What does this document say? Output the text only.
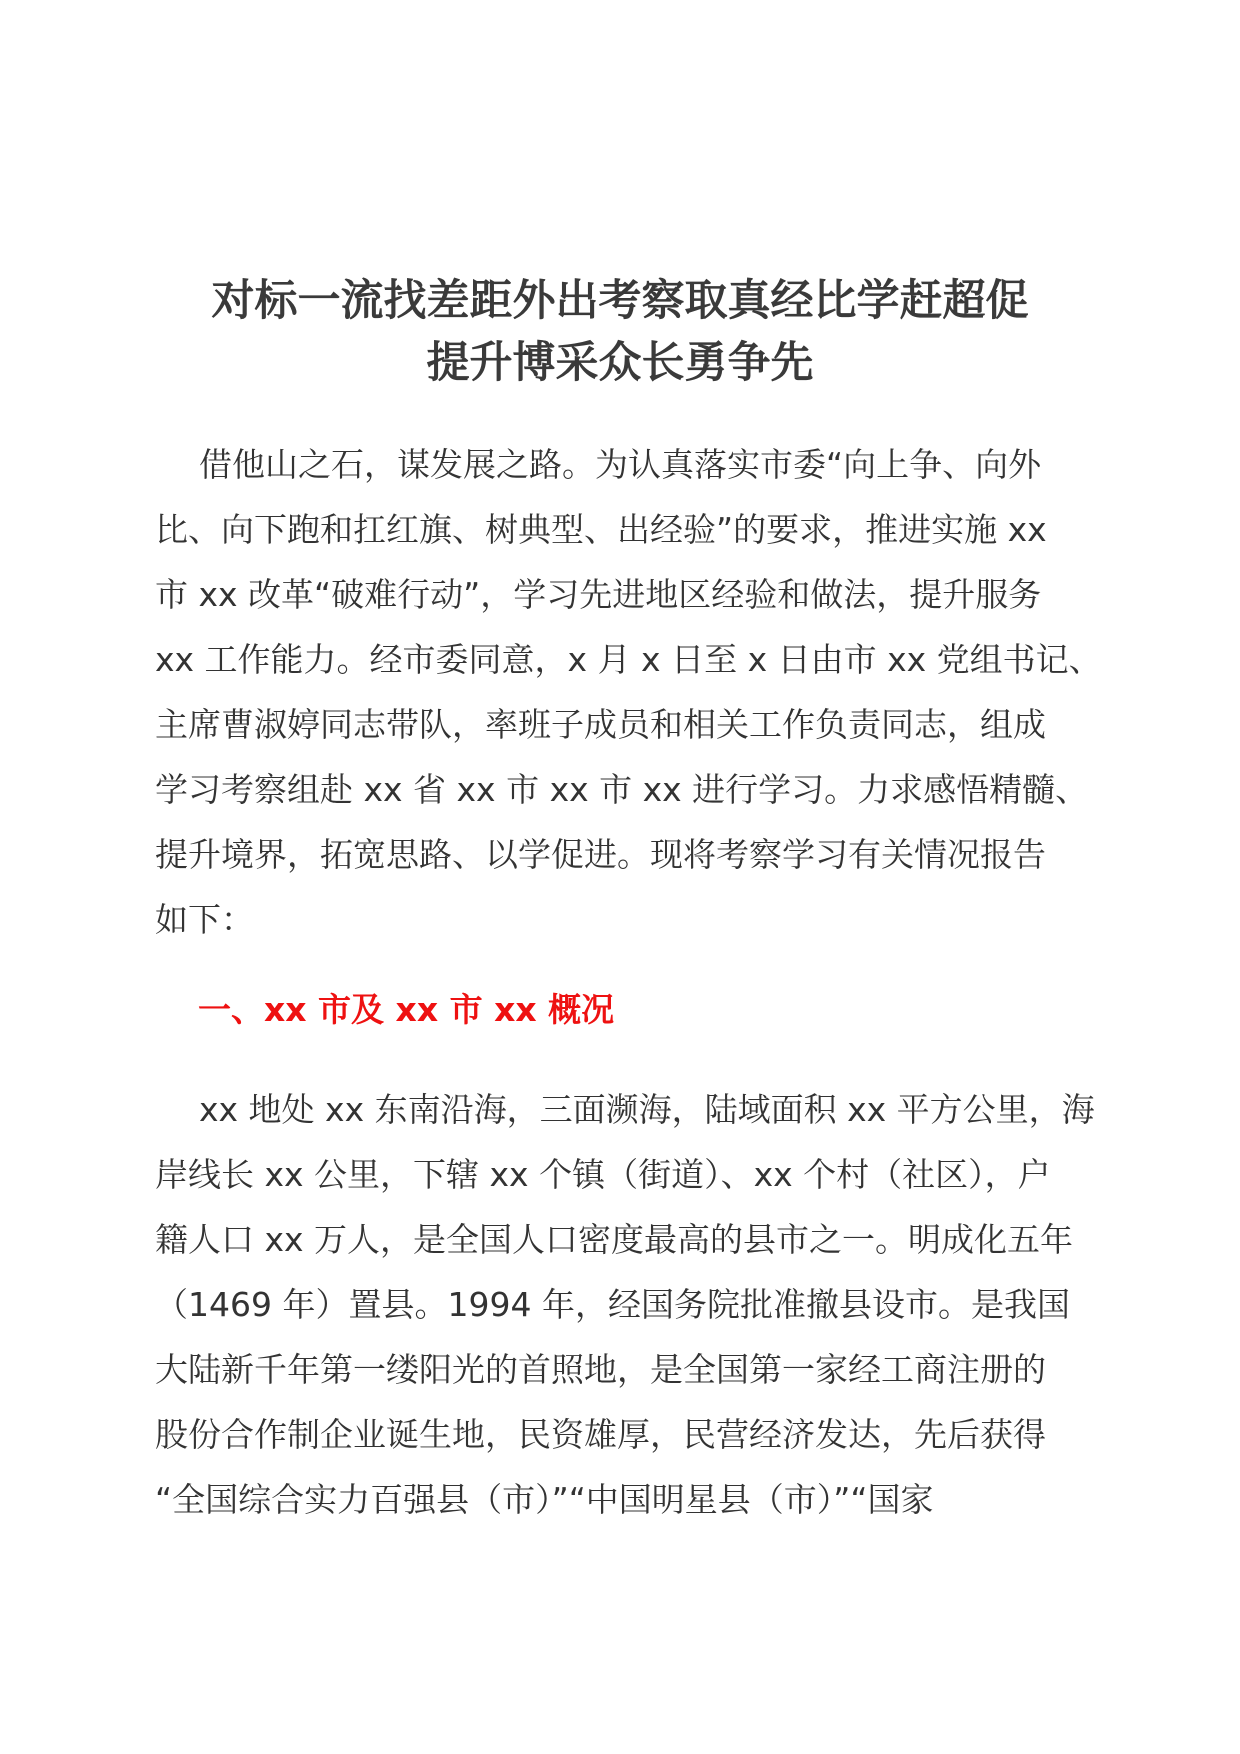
对标一流找差距外出考察取真经比学赶超促
提升博采众长勇争先
借他山之石，谋发展之路。为认真落实市委“向上争、向外
比、向下跑和扛红旗、树典型、出经验”的要求，推进实施 xx
市 xx 改革“破难行动”，学习先进地区经验和做法，提升服务
xx 工作能力。经市委同意，x 月 x 日至 x 日由市 xx 党组书记、
主席曹淑婷同志带队，率班子成员和相关工作负责同志，组成
学习考察组赴 xx 省 xx 市 xx 市 xx 进行学习。力求感悟精髓、
提升境界，拓宽思路、以学促进。现将考察学习有关情况报告
如下：
一、xx 市及 xx 市 xx 概况
xx 地处 xx 东南沿海，三面濒海，陆域面积 xx 平方公里，海
岸线长 xx 公里，下辖 xx 个镇（街道）、xx 个村（社区），户
籍人口 xx 万人，是全国人口密度最高的县市之一。明成化五年
（1469 年）置县。1994 年，经国务院批准撤县设市。是我国
大陆新千年第一缕阳光的首照地，是全国第一家经工商注册的
股份合作制企业诞生地，民资雄厚，民营经济发达，先后获得
“全国综合实力百强县（市）”“中国明星县（市）”“国家
